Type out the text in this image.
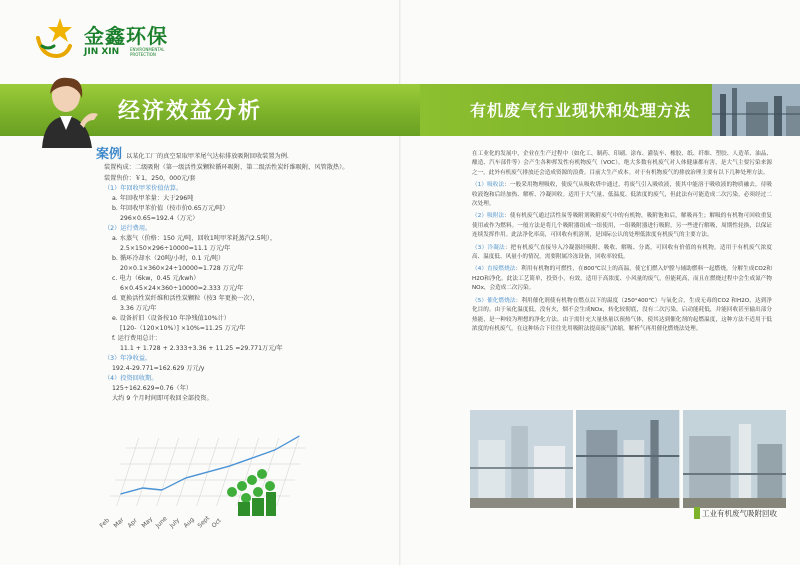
金鑫环保
JIN XIN	ENVIRONMENTAL PROTECTION
经济效益分析	有机废气行业现状和处理方法
案例 以某化工厂的真空泵取甲苯尾气达标排放吸附回收装置为例.
装置构成：二级吸附（第一级活性炭颗粒循环吸附、第二级活性炭纤维吸附、风管散热）。
装置售价：￥1，250，000元/套
（1）年回收甲苯价值估算。
a. 年回收甲苯量：大于296吨
b. 年回收甲苯价值（按市价0.65万元/吨）
296×0.65=192.4（万元）
（2）运行费用。
a. 水蒸气（价格：150 元/吨，回收1吨甲苯耗蒸汽2.5吨），
2.5×150×296÷10000=11.1 万元/年
b. 循环冷却水（20吨/小时，0.1 元/吨）
20×0.1×360×24÷10000=1.728 万元/年
c. 电力（6kw，0.45 元/kwh）
6×0.45×24×360÷10000=2.333 万元/年
d. 更换活性炭纤维和活性炭颗粒（按3 年更换一次），
3.36 万元/年
e. 设备折旧（设备按10 年净残值10%计）
[120-（120×10%）] ×10%=11.25 万元/年
f. 运行费用总计：
11.1 + 1.728 + 2.333+3.36 + 11.25 =29.771万元/年
（3）年净收益。
192.4-29.771=162.629 万元/y
（4）投资回收期。
125÷162.629=0.76（年）
大约 9 个月时间即可收回全部投资。
Feb Mar Apr May June July Aug Sept Oct

在工业化的发展中，企业在生产过程中（如化工、制药、印刷、涂布、灌装车、橡胶、纸、纤维、塑胶、人造革、油品、酿造、汽车部件等）会产生各种挥发性有机物废气（VOC），绝大多数有机废气对人体健康都有害，是大气主要污染来源之一。此外有机废气排放还会造成资源的浪费。目前大生产成本。对于有机物废气的排放治理主要有以下几种处理方法。

（1）吸收法：一般采用物理吸收，使废气从吸收塔中通过，将废气引入吸收液，使其中能溶于吸收液的物质融去，待吸收液饱和后经加热、解析、冷凝回收。适用于大气量、低温度、低浓度的废气，但此法有可能造成二次污染，必须经过二次处理。

（2）吸附法：使有机废气通过活性炭等吸附剂吸附废气中的有机物，吸附饱和后，解吸再生；解吸的有机物可回收重复使用或作为燃料。一般方法是将几个吸附器组成一组使用，一组吸附器进行吸附，另一些进行解吸，周期性轮换，以保证连续发挥作用。此法净化率高，可回收有机溶剂，是国际公认的处理低浓度有机废气的主要方法。

（3）冷凝法：把有机废气直接导入冷凝器经吸附、吸收、解吸、分离，可回收有价值的有机物。适用于有机废气浓度高、温度低、风量小的情况，需要附属冷冻设备，回收率较低。

（4）直接燃烧法：利用有机物的可燃性，在800℃以上的高温，使它们燃入炉膛与辅助燃料一起燃烧，分解生成CO2和H2O和净化。此法工艺简单，投资小，有效，适用于高浓度、小风量的废气，但能耗高，而且在燃烧过程中会生成氮产物NOx，会造成二次污染。

（5）催化燃烧法：利用催化剂使有机物在燃点以下的温度（250°400℃）与氧化合，生成无毒的CO2 和H2O，达到净化目的。由于氧化温度低，没有火，烟不会生成NOx，转化较彻底，没有二次污染，启动能耗低，并能回收甚至输出部分热能，是一种较为理想的净化方法。由于需针充大量热量以预热气体，使其达到催化剂的起燃温度，这种方法不适用于低浓度的有机废气，在这种场合下往往先用吸附法提高废气浓缩，解析气再用催化燃烧法处理。

工业有机废气吸附回收
